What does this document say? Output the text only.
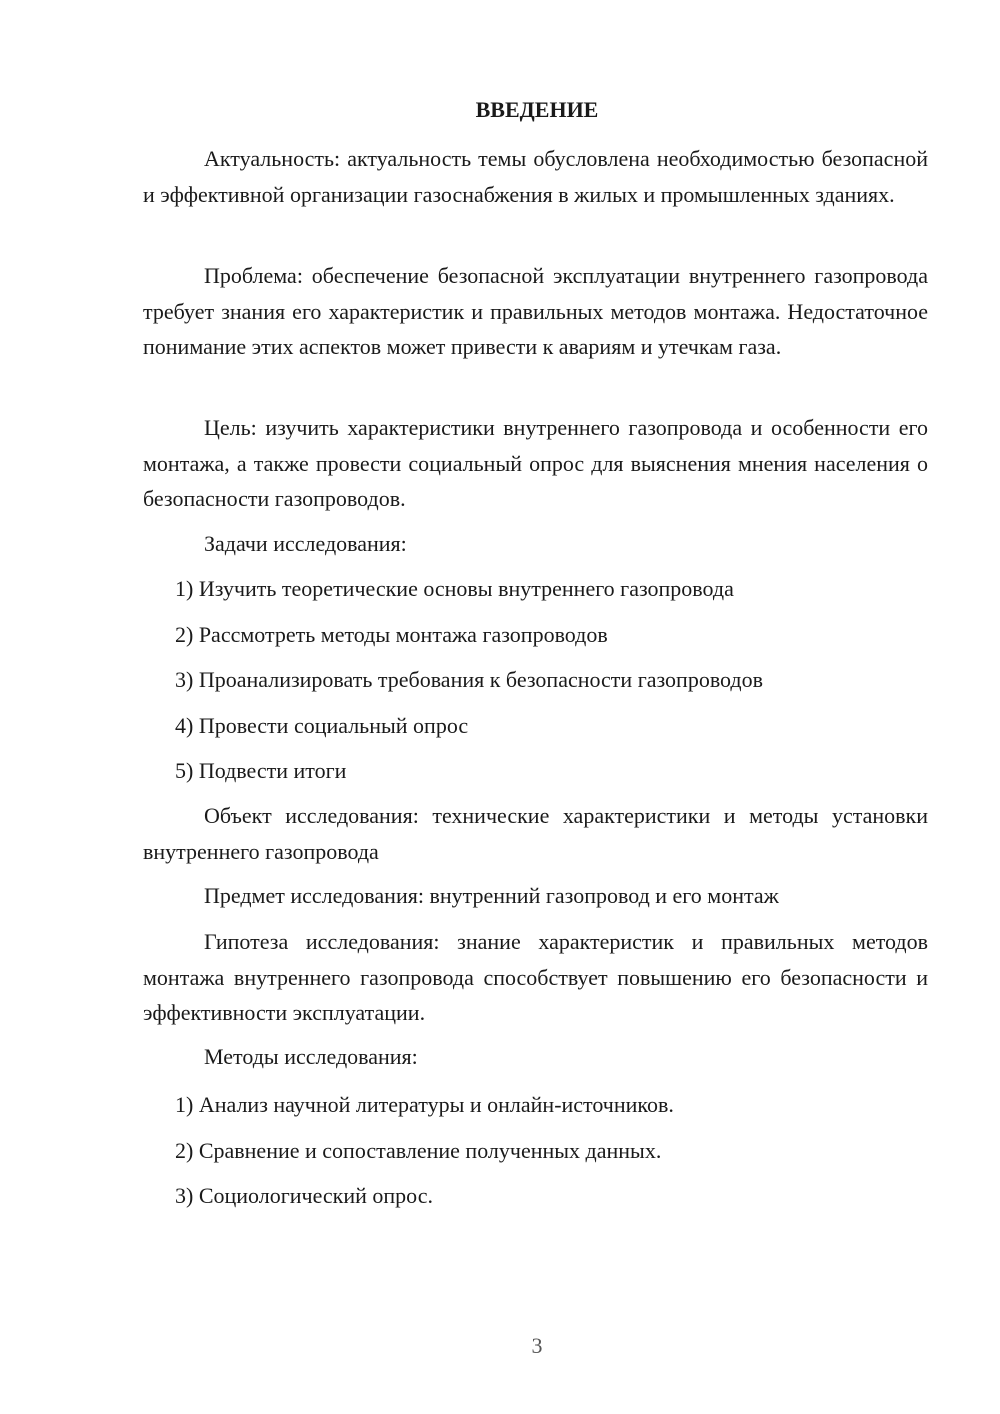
ВВЕДЕНИЕ

Актуальность: актуальность темы обусловлена необходимостью безопасной и эффективной организации газоснабжения в жилых и промышленных зданиях.

Проблема: обеспечение безопасной эксплуатации внутреннего газопровода требует знания его характеристик и правильных методов монтажа. Недостаточное понимание этих аспектов может привести к авариям и утечкам газа.

Цель: изучить характеристики внутреннего газопровода и особенности его монтажа, а также провести социальный опрос для выяснения мнения населения о безопасности газопроводов.

Задачи исследования:

1) Изучить теоретические основы внутреннего газопровода

2) Рассмотреть методы монтажа газопроводов

3) Проанализировать требования к безопасности газопроводов

4) Провести социальный опрос

5) Подвести итоги

Объект исследования: технические характеристики и методы установки внутреннего газопровода

Предмет исследования: внутренний газопровод и его монтаж

Гипотеза исследования: знание характеристик и правильных методов монтажа внутреннего газопровода способствует повышению его безопасности и эффективности эксплуатации.

Методы исследования:

1) Анализ научной литературы и онлайн-источников.

2) Сравнение и сопоставление полученных данных.

3) Социологический опрос.

3
